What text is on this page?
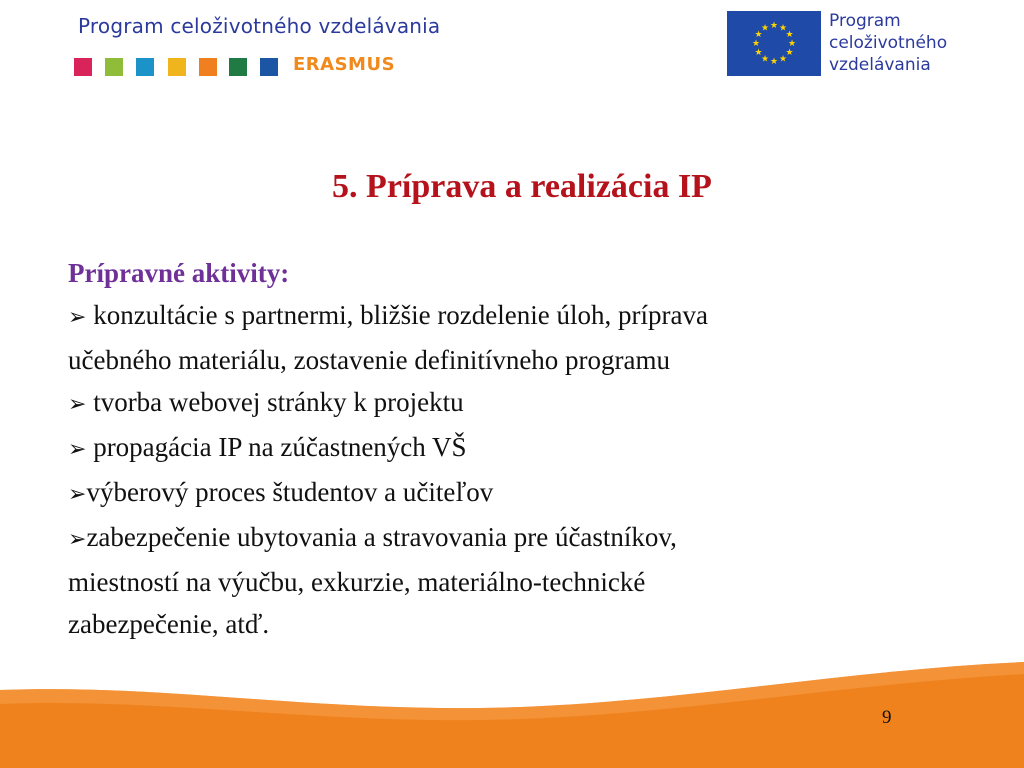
Program celoživotného vzdelávania
ERASMUS
★ ★
★
★
★
★
★
★
★
★
★
★	Program
celoživotného
vzdelávania
5. Príprava a realizácia IP
Prípravné aktivity:
➢ konzultácie s partnermi, bližšie rozdelenie úloh, príprava
učebného materiálu, zostavenie definitívneho programu
➢ tvorba webovej stránky k projektu
➢ propagácia IP na zúčastnených VŠ
➢výberový proces študentov a učiteľov
➢zabezpečenie ubytovania a stravovania pre účastníkov,
miestností na výučbu, exkurzie, materiálno-technické
zabezpečenie, atď.
9
